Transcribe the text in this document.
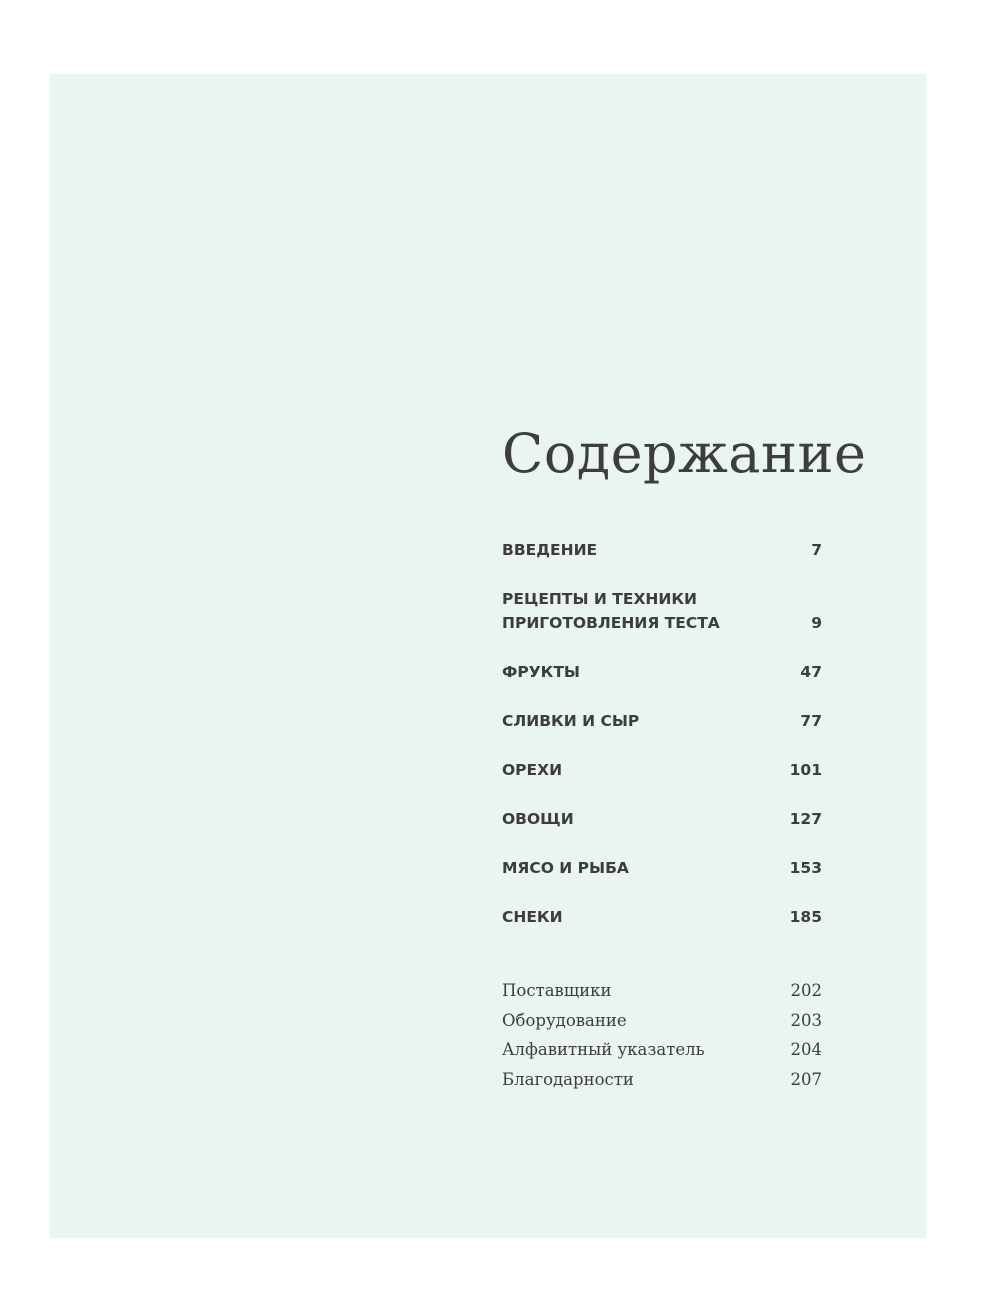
Содержание
ВВЕДЕНИЕ	7
РЕЦЕПТЫ И ТЕХНИКИ
ПРИГОТОВЛЕНИЯ ТЕСТА	9
ФРУКТЫ	47
СЛИВКИ И СЫР	77
ОРЕХИ	101
ОВОЩИ	127
МЯСО И РЫБА	153
СНЕКИ	185
Поставщики	202
Оборудование	203
Алфавитный указатель	204
Благодарности	207
